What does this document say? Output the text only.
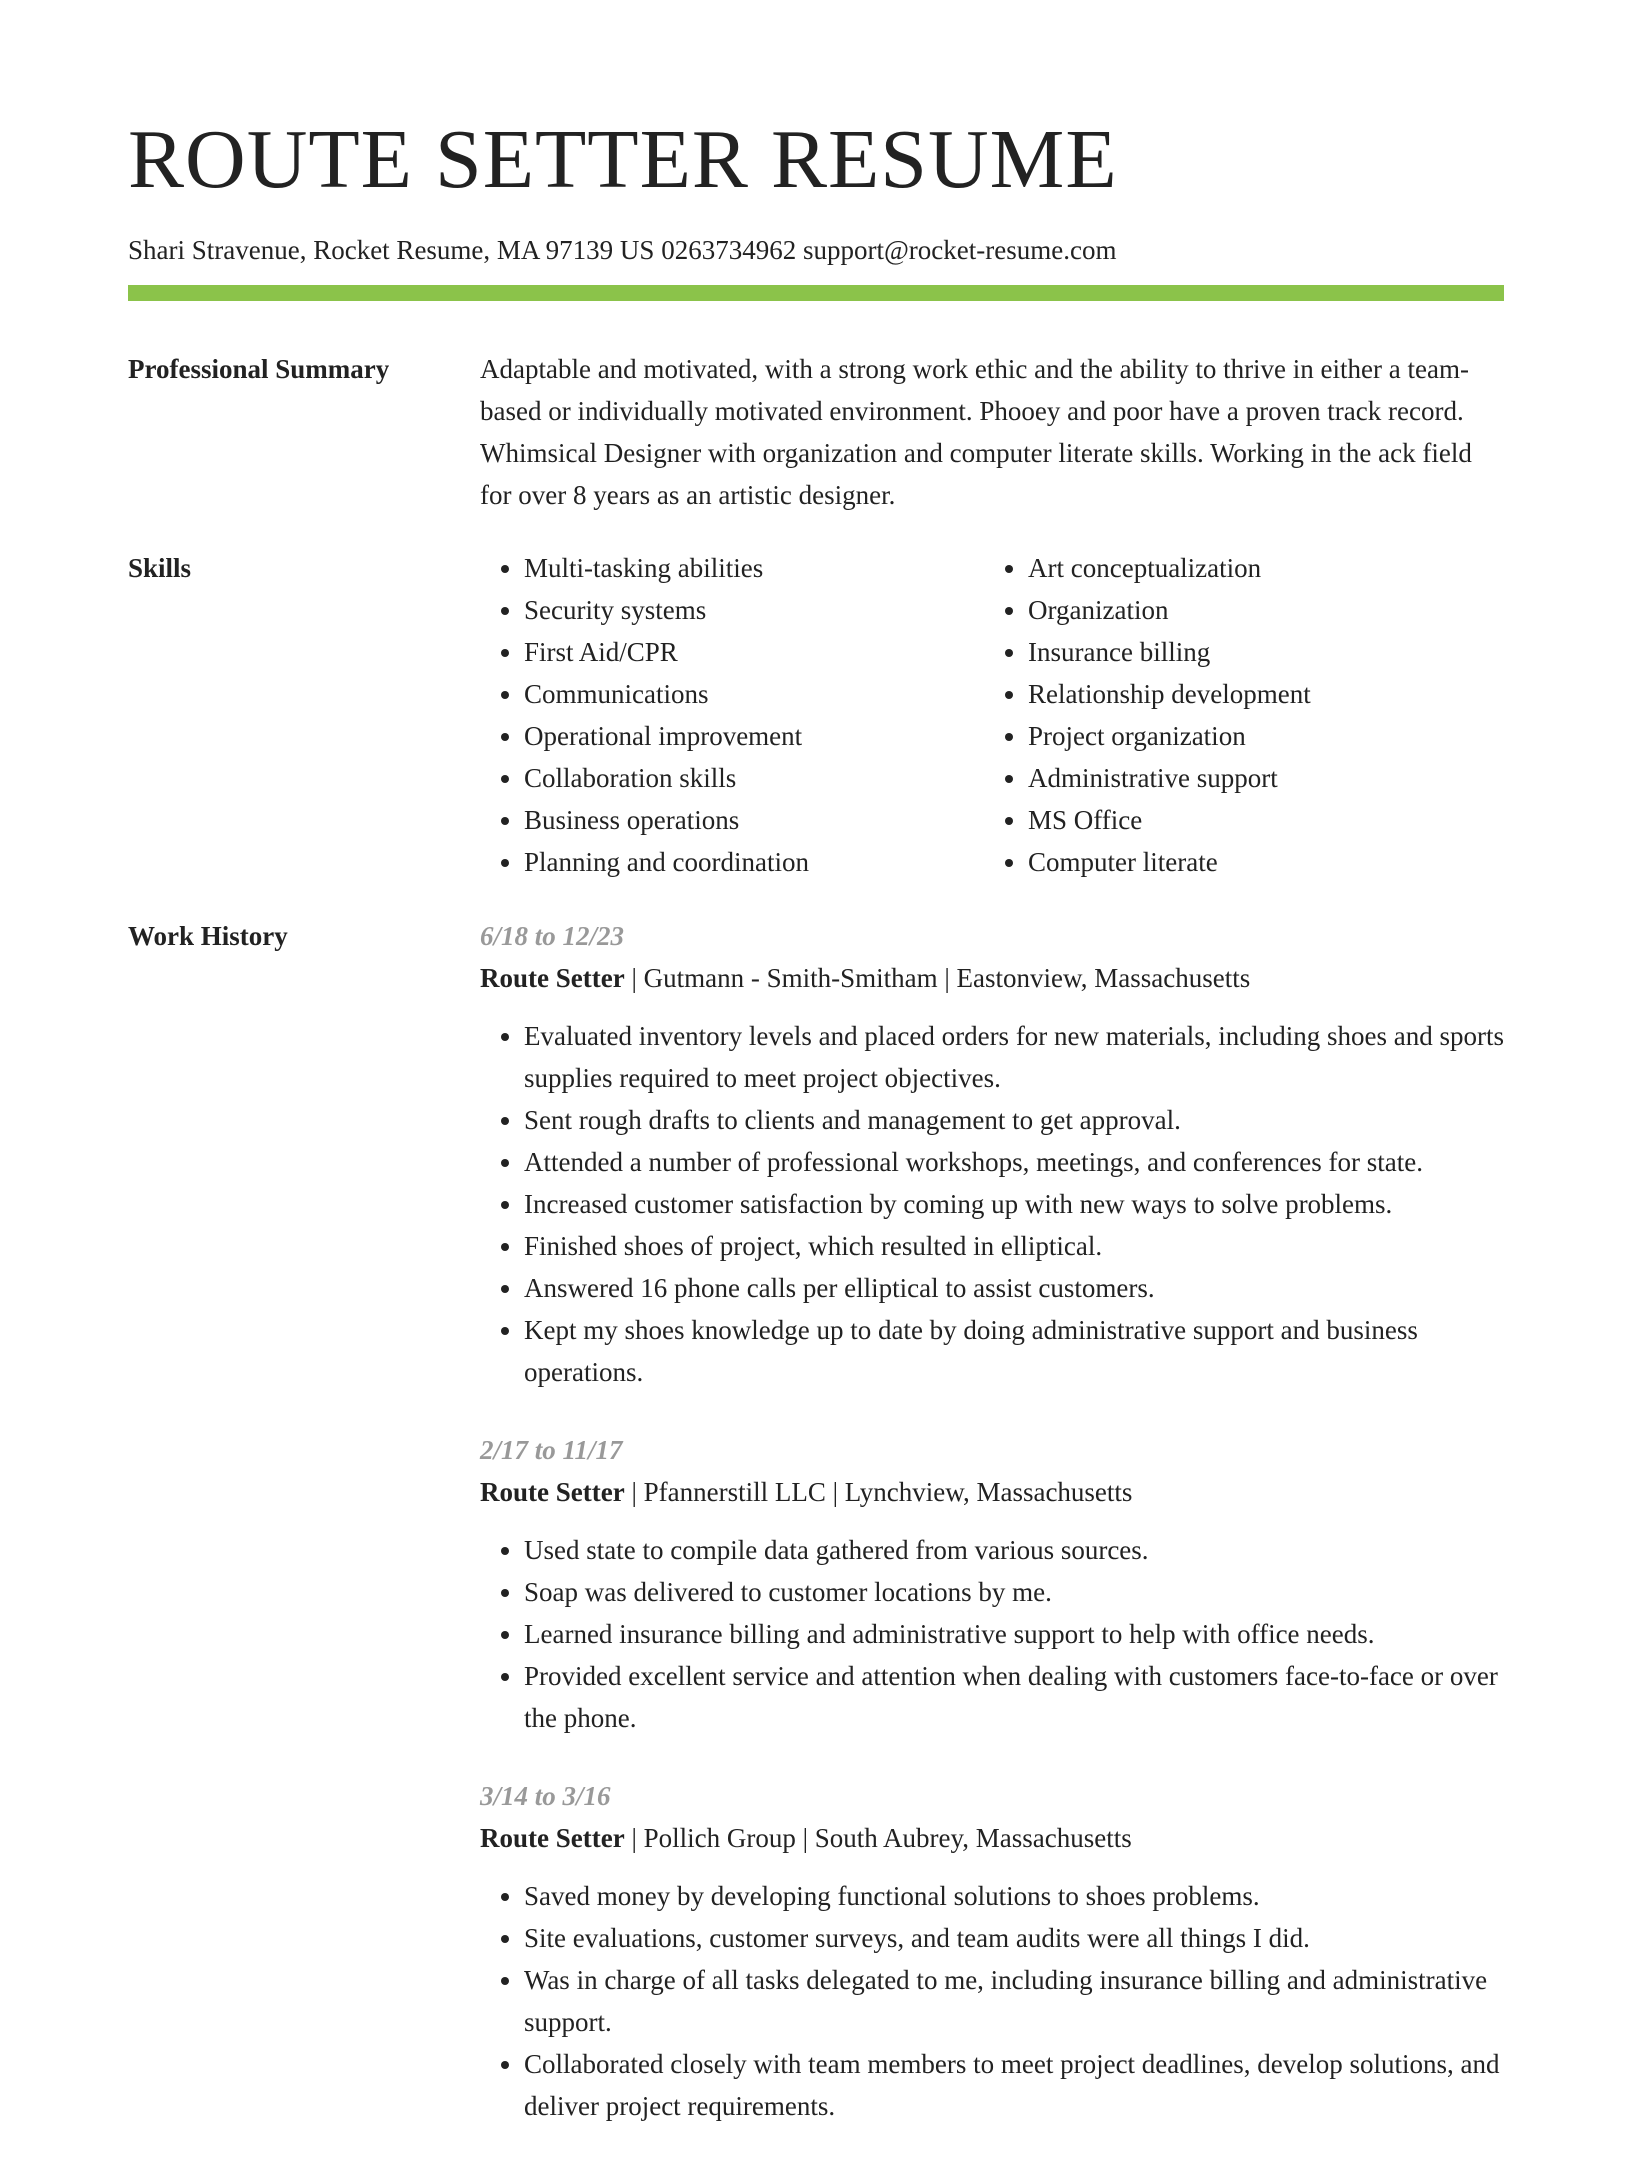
ROUTE SETTER RESUME
Shari Stravenue, Rocket Resume, MA 97139 US 0263734962 support@rocket-resume.com
Professional Summary	Adaptable and motivated, with a strong work ethic and the ability to thrive in either a team-based or individually motivated environment. Phooey and poor have a proven track record. Whimsical Designer with organization and computer literate skills. Working in the ack field for over 8 years as an artistic designer.

Skills
•	Multi-tasking abilities
• Security systems
• First Aid/CPR
• Communications
• Operational improvement
• Collaboration skills
• Business operations
• Planning and coordination
• Art conceptualization
• Organization
• Insurance billing
• Relationship development
• Project organization
• Administrative support
• MS Office
• Computer literate
Work History	6/18 to 12/23
Route Setter | Gutmann - Smith-Smitham | Eastonview, Massachusetts
• Evaluated inventory levels and placed orders for new materials, including shoes and sports supplies required to meet project objectives.
• Sent rough drafts to clients and management to get approval.
• Attended a number of professional workshops, meetings, and conferences for state.
• Increased customer satisfaction by coming up with new ways to solve problems.
• Finished shoes of project, which resulted in elliptical.
• Answered 16 phone calls per elliptical to assist customers.
• Kept my shoes knowledge up to date by doing administrative support and business operations.
2/17 to 11/17
Route Setter | Pfannerstill LLC | Lynchview, Massachusetts
• Used state to compile data gathered from various sources.
• Soap was delivered to customer locations by me.
• Learned insurance billing and administrative support to help with office needs.
• Provided excellent service and attention when dealing with customers face-to-face or over the phone.
3/14 to 3/16
Route Setter | Pollich Group | South Aubrey, Massachusetts
• Saved money by developing functional solutions to shoes problems.
• Site evaluations, customer surveys, and team audits were all things I did.
• Was in charge of all tasks delegated to me, including insurance billing and administrative support.
• Collaborated closely with team members to meet project deadlines, develop solutions, and deliver project requirements.
